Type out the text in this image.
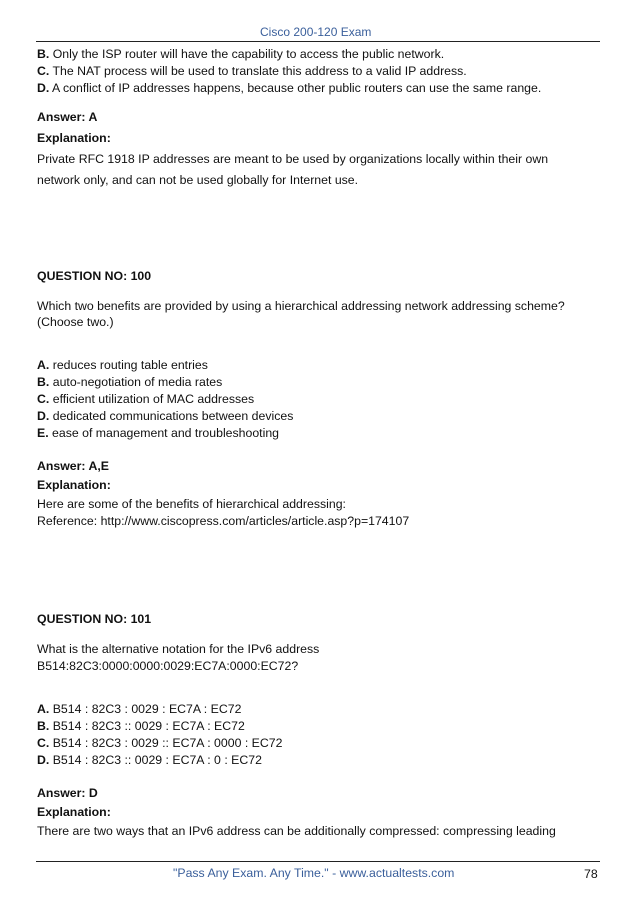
Cisco 200-120 Exam
B. Only the ISP router will have the capability to access the public network.
C. The NAT process will be used to translate this address to a valid IP address.
D. A conflict of IP addresses happens, because other public routers can use the same range.
Answer: A
Explanation:
Private RFC 1918 IP addresses are meant to be used by organizations locally within their own
network only, and can not be used globally for Internet use.
QUESTION NO: 100
Which two benefits are provided by using a hierarchical addressing network addressing scheme?
(Choose two.)
A. reduces routing table entries
B. auto-negotiation of media rates
C. efficient utilization of MAC addresses
D. dedicated communications between devices
E. ease of management and troubleshooting
Answer: A,E
Explanation:
Here are some of the benefits of hierarchical addressing:
Reference: http://www.ciscopress.com/articles/article.asp?p=174107
QUESTION NO: 101
What is the alternative notation for the IPv6 address
B514:82C3:0000:0000:0029:EC7A:0000:EC72?
A. B514 : 82C3 : 0029 : EC7A : EC72
B. B514 : 82C3 :: 0029 : EC7A : EC72
C. B514 : 82C3 : 0029 :: EC7A : 0000 : EC72
D. B514 : 82C3 :: 0029 : EC7A : 0 : EC72
Answer: D
Explanation:
There are two ways that an IPv6 address can be additionally compressed: compressing leading
"Pass Any Exam. Any Time." - www.actualtests.com	78
